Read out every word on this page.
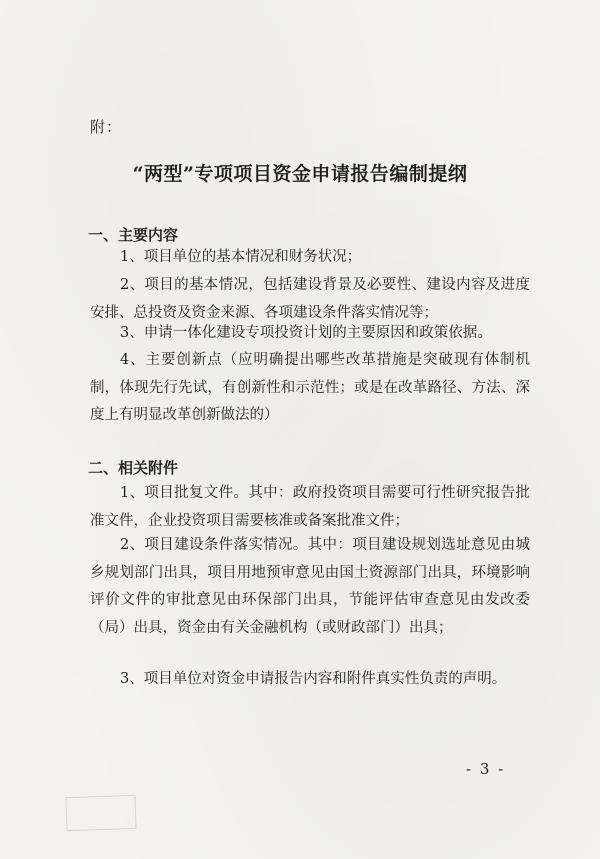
附：
“两型”专项项目资金申请报告编制提纲
一、主要内容
1、项目单位的基本情况和财务状况；
2、项目的基本情况，包括建设背景及必要性、建设内容及进度安排、总投资及资金来源、各项建设条件落实情况等；
3、申请一体化建设专项投资计划的主要原因和政策依据。
4、主要创新点（应明确提出哪些改革措施是突破现有体制机制，体现先行先试，有创新性和示范性；或是在改革路径、方法、深度上有明显改革创新做法的）
二、相关附件
1、项目批复文件。其中：政府投资项目需要可行性研究报告批准文件，企业投资项目需要核准或备案批准文件；
2、项目建设条件落实情况。其中：项目建设规划选址意见由城乡规划部门出具，项目用地预审意见由国土资源部门出具，环境影响评价文件的审批意见由环保部门出具，节能评估审查意见由发改委（局）出具，资金由有关金融机构（或财政部门）出具；
3、项目单位对资金申请报告内容和附件真实性负责的声明。
- 3 -
